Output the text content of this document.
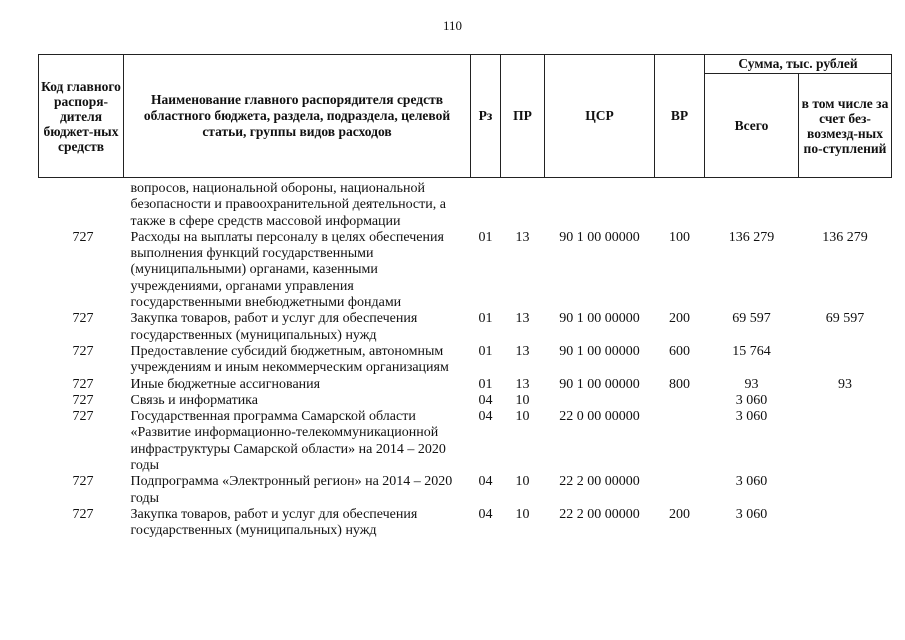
110
Код главного распоря-дителя бюджет-ных средств	Наименование главного распорядителя средств областного бюджета, раздела, подраздела, целевой статьи, группы видов расходов	Рз	ПР	ЦСР	ВР	Сумма, тыс. рублей	
						Всего	в том числе за счет без-возмезд-ных по-ступлений
	вопросов, национальной обороны, национальной безопасности и правоохранительной деятельности, а также в сфере средств массовой информации						
727	Расходы на выплаты персоналу в целях обеспечения выполнения функций государственными (муниципальными) органами, казенными учреждениями, органами управления государственными внебюджетными фондами	01	13	90 1 00 00000	100	136 279	136 279
727	Закупка товаров, работ и услуг для обеспечения государственных (муниципальных) нужд	01	13	90 1 00 00000	200	69 597	69 597
727	Предоставление субсидий бюджетным, автономным учреждениям и иным некоммерческим организациям	01	13	90 1 00 00000	600	15 764	
727	Иные бюджетные ассигнования	01	13	90 1 00 00000	800	93	93
727	Связь и информатика	04	10			3 060	
727	Государственная программа Самарской области «Развитие информационно-телекоммуникационной инфраструктуры Самарской области» на 2014 – 2020 годы	04	10	22 0 00 00000		3 060	
727	Подпрограмма «Электронный регион» на 2014 – 2020 годы	04	10	22 2 00 00000		3 060	
727	Закупка товаров, работ и услуг для обеспечения государственных (муниципальных) нужд	04	10	22 2 00 00000	200	3 060	
